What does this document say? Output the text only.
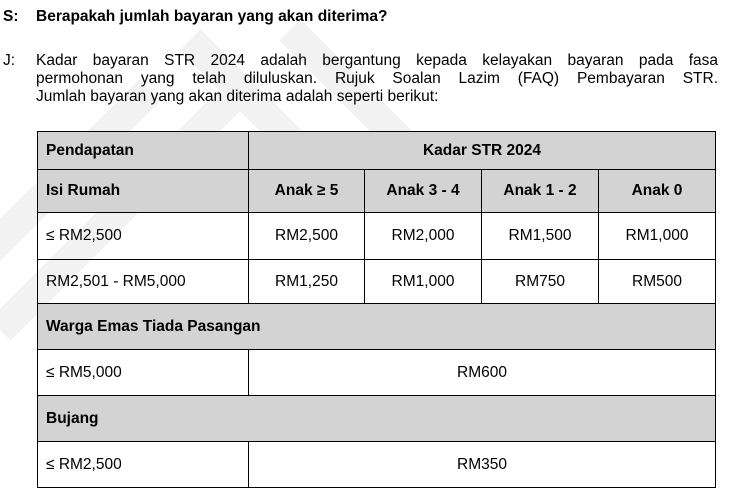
S: Berapakah jumlah bayaran yang akan diterima?
J: Kadar bayaran STR 2024 adalah bergantung kepada kelayakan bayaran pada fasa
permohonan yang telah diluluskan. Rujuk Soalan Lazim (FAQ) Pembayaran STR.
Jumlah bayaran yang akan diterima adalah seperti berikut:
Pendapatan	Kadar STR 2024			
Isi Rumah	Anak ≥ 5	Anak 3 - 4	Anak 1 - 2	Anak 0
≤ RM2,500	RM2,500	RM2,000	RM1,500	RM1,000
RM2,501 - RM5,000	RM1,250	RM1,000	RM750	RM500
Warga Emas Tiada Pasangan				
≤ RM5,000	RM600			
Bujang				
≤ RM2,500	RM350			
